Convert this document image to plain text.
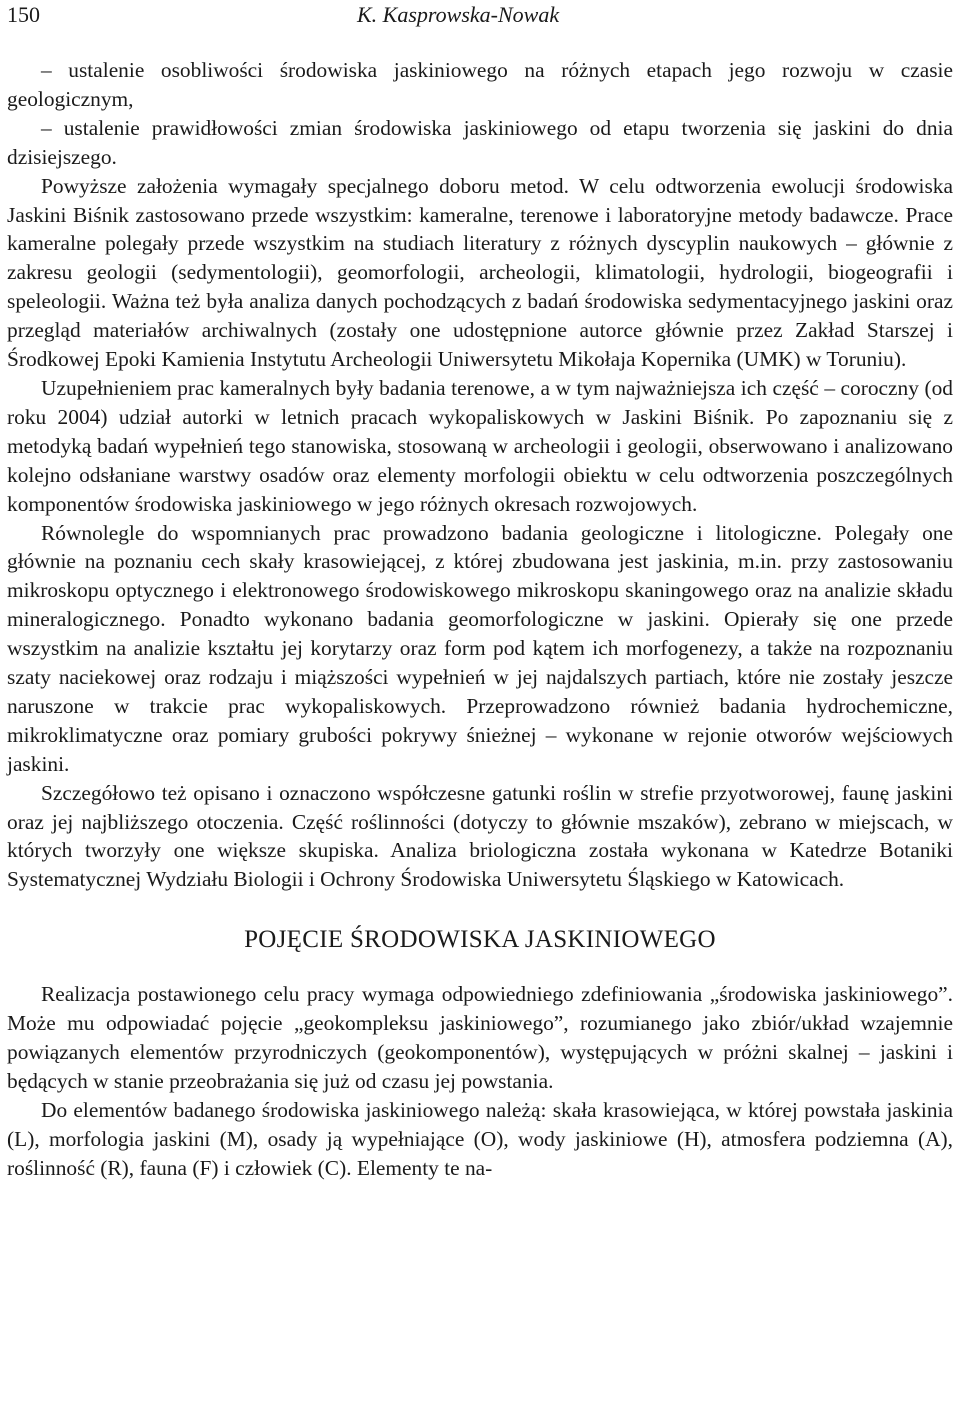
150	K. Kasprowska-Nowak

– ustalenie osobliwości środowiska jaskiniowego na różnych etapach jego rozwoju w czasie geologicznym,

– ustalenie prawidłowości zmian środowiska jaskiniowego od etapu tworzenia się jaskini do dnia dzisiejszego.

Powyższe założenia wymagały specjalnego doboru metod. W celu odtworzenia ewolucji środowiska Jaskini Biśnik zastosowano przede wszystkim: kameralne, terenowe i laboratoryjne metody badawcze. Prace kameralne polegały przede wszystkim na studiach literatury z różnych dyscyplin naukowych – głównie z zakresu geologii (sedymentologii), geomorfologii, archeologii, klimatologii, hydrologii, biogeografii i speleologii. Ważna też była analiza danych pochodzących z badań środowiska sedymentacyjnego jaskini oraz przegląd materiałów archiwalnych (zostały one udostępnione autorce głównie przez Zakład Starszej i Środkowej Epoki Kamienia Instytutu Archeologii Uniwersytetu Mikołaja Kopernika (UMK) w Toruniu).

Uzupełnieniem prac kameralnych były badania terenowe, a w tym najważniejsza ich część – coroczny (od roku 2004) udział autorki w letnich pracach wykopaliskowych w Jaskini Biśnik. Po zapoznaniu się z metodyką badań wypełnień tego stanowiska, stosowaną w archeologii i geologii, obserwowano i analizowano kolejno odsłaniane warstwy osadów oraz elementy morfologii obiektu w celu odtworzenia poszczególnych komponentów środowiska jaskiniowego w jego różnych okresach rozwojowych.

Równolegle do wspomnianych prac prowadzono badania geologiczne i litologiczne. Polegały one głównie na poznaniu cech skały krasowiejącej, z której zbudowana jest jaskinia, m.in. przy zastosowaniu mikroskopu optycznego i elektronowego środowiskowego mikroskopu skaningowego oraz na analizie składu mineralogicznego. Ponadto wykonano badania geomorfologiczne w jaskini. Opierały się one przede wszystkim na analizie kształtu jej korytarzy oraz form pod kątem ich morfogenezy, a także na rozpoznaniu szaty naciekowej oraz rodzaju i miąższości wypełnień w jej najdalszych partiach, które nie zostały jeszcze naruszone w trakcie prac wykopaliskowych. Przeprowadzono również badania hydrochemiczne, mikroklimatyczne oraz pomiary grubości pokrywy śnieżnej – wykonane w rejonie otworów wejściowych jaskini.

Szczegółowo też opisano i oznaczono współczesne gatunki roślin w strefie przyotworowej, faunę jaskini oraz jej najbliższego otoczenia. Część roślinności (dotyczy to głównie mszaków), zebrano w miejscach, w których tworzyły one większe skupiska. Analiza briologiczna została wykonana w Katedrze Botaniki Systematycznej Wydziału Biologii i Ochrony Środowiska Uniwersytetu Śląskiego w Katowicach.

POJĘCIE ŚRODOWISKA JASKINIOWEGO

Realizacja postawionego celu pracy wymaga odpowiedniego zdefiniowania „środowiska jaskiniowego”. Może mu odpowiadać pojęcie „geokompleksu jaskiniowego”, rozumianego jako zbiór/układ wzajemnie powiązanych elementów przyrodniczych (geokomponentów), występujących w próżni skalnej – jaskini i będących w stanie przeobrażania się już od czasu jej powstania.

Do elementów badanego środowiska jaskiniowego należą: skała krasowiejąca, w której powstała jaskinia (L), morfologia jaskini (M), osady ją wypełniające (O), wody jaskiniowe (H), atmosfera podziemna (A), roślinność (R), fauna (F) i człowiek (C). Elementy te na-
